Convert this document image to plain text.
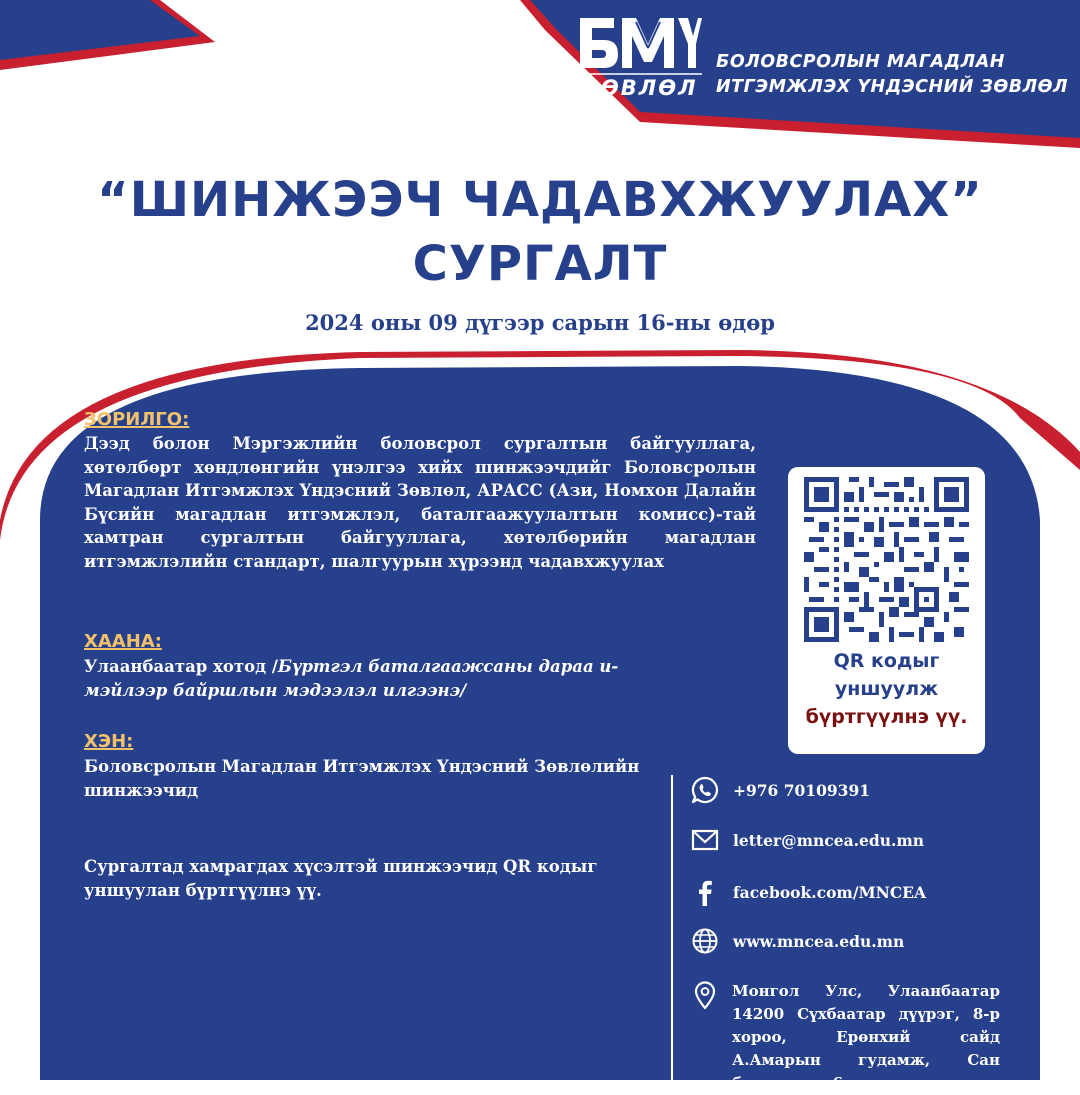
ЗӨВЛӨЛ
БОЛОВСРОЛЫН МАГАДЛАН
ИТГЭМЖЛЭХ ҮНДЭСНИЙ ЗӨВЛӨЛ
“ШИНЖЭЭЧ ЧАДАВХЖУУЛАХ”
СУРГАЛТ
2024 оны 09 дүгээр сарын 16-ны өдөр
ЗОРИЛГО:
Дээд болон Мэргэжлийн боловсрол сургалтын байгууллага, хөтөлбөрт хөндлөнгийн үнэлгээ хийх шинжээчдийг Боловсролын Магадлан Итгэмжлэх Үндэсний Зөвлөл, АРАСС (Ази, Номхон Далайн Бүсийн магадлан итгэмжлэл, баталгаажуулалтын комисс)-тай хамтран сургалтын байгууллага, хөтөлбөрийн магадлан итгэмжлэлийн стандарт, шалгуурын хүрээнд чадавхжуулах
ХААНА:
Улаанбаатар хотод /Бүртгэл баталгаажсаны дараа и-мэйлээр байршлын мэдээлэл илгээнэ/
ХЭН:
Боловсролын Магадлан Итгэмжлэх Үндэсний Зөвлөлийн шинжээчид
Сургалтад хамрагдах хүсэлтэй шинжээчид QR кодыг уншуулан бүртгүүлнэ үү.
QR кодыг
уншуулж
бүртгүүлнэ үү.
+976 70109391
letter@mncea.edu.mn
facebook.com/MNCEA
www.mncea.edu.mn
Монгол Улс, Улаанбаатар 14200 Сүхбаатар дүүрэг, 8-р хороо, Ерөнхий сайд А.Амарын гудамж, Сан бизнес төв 6 давхар
